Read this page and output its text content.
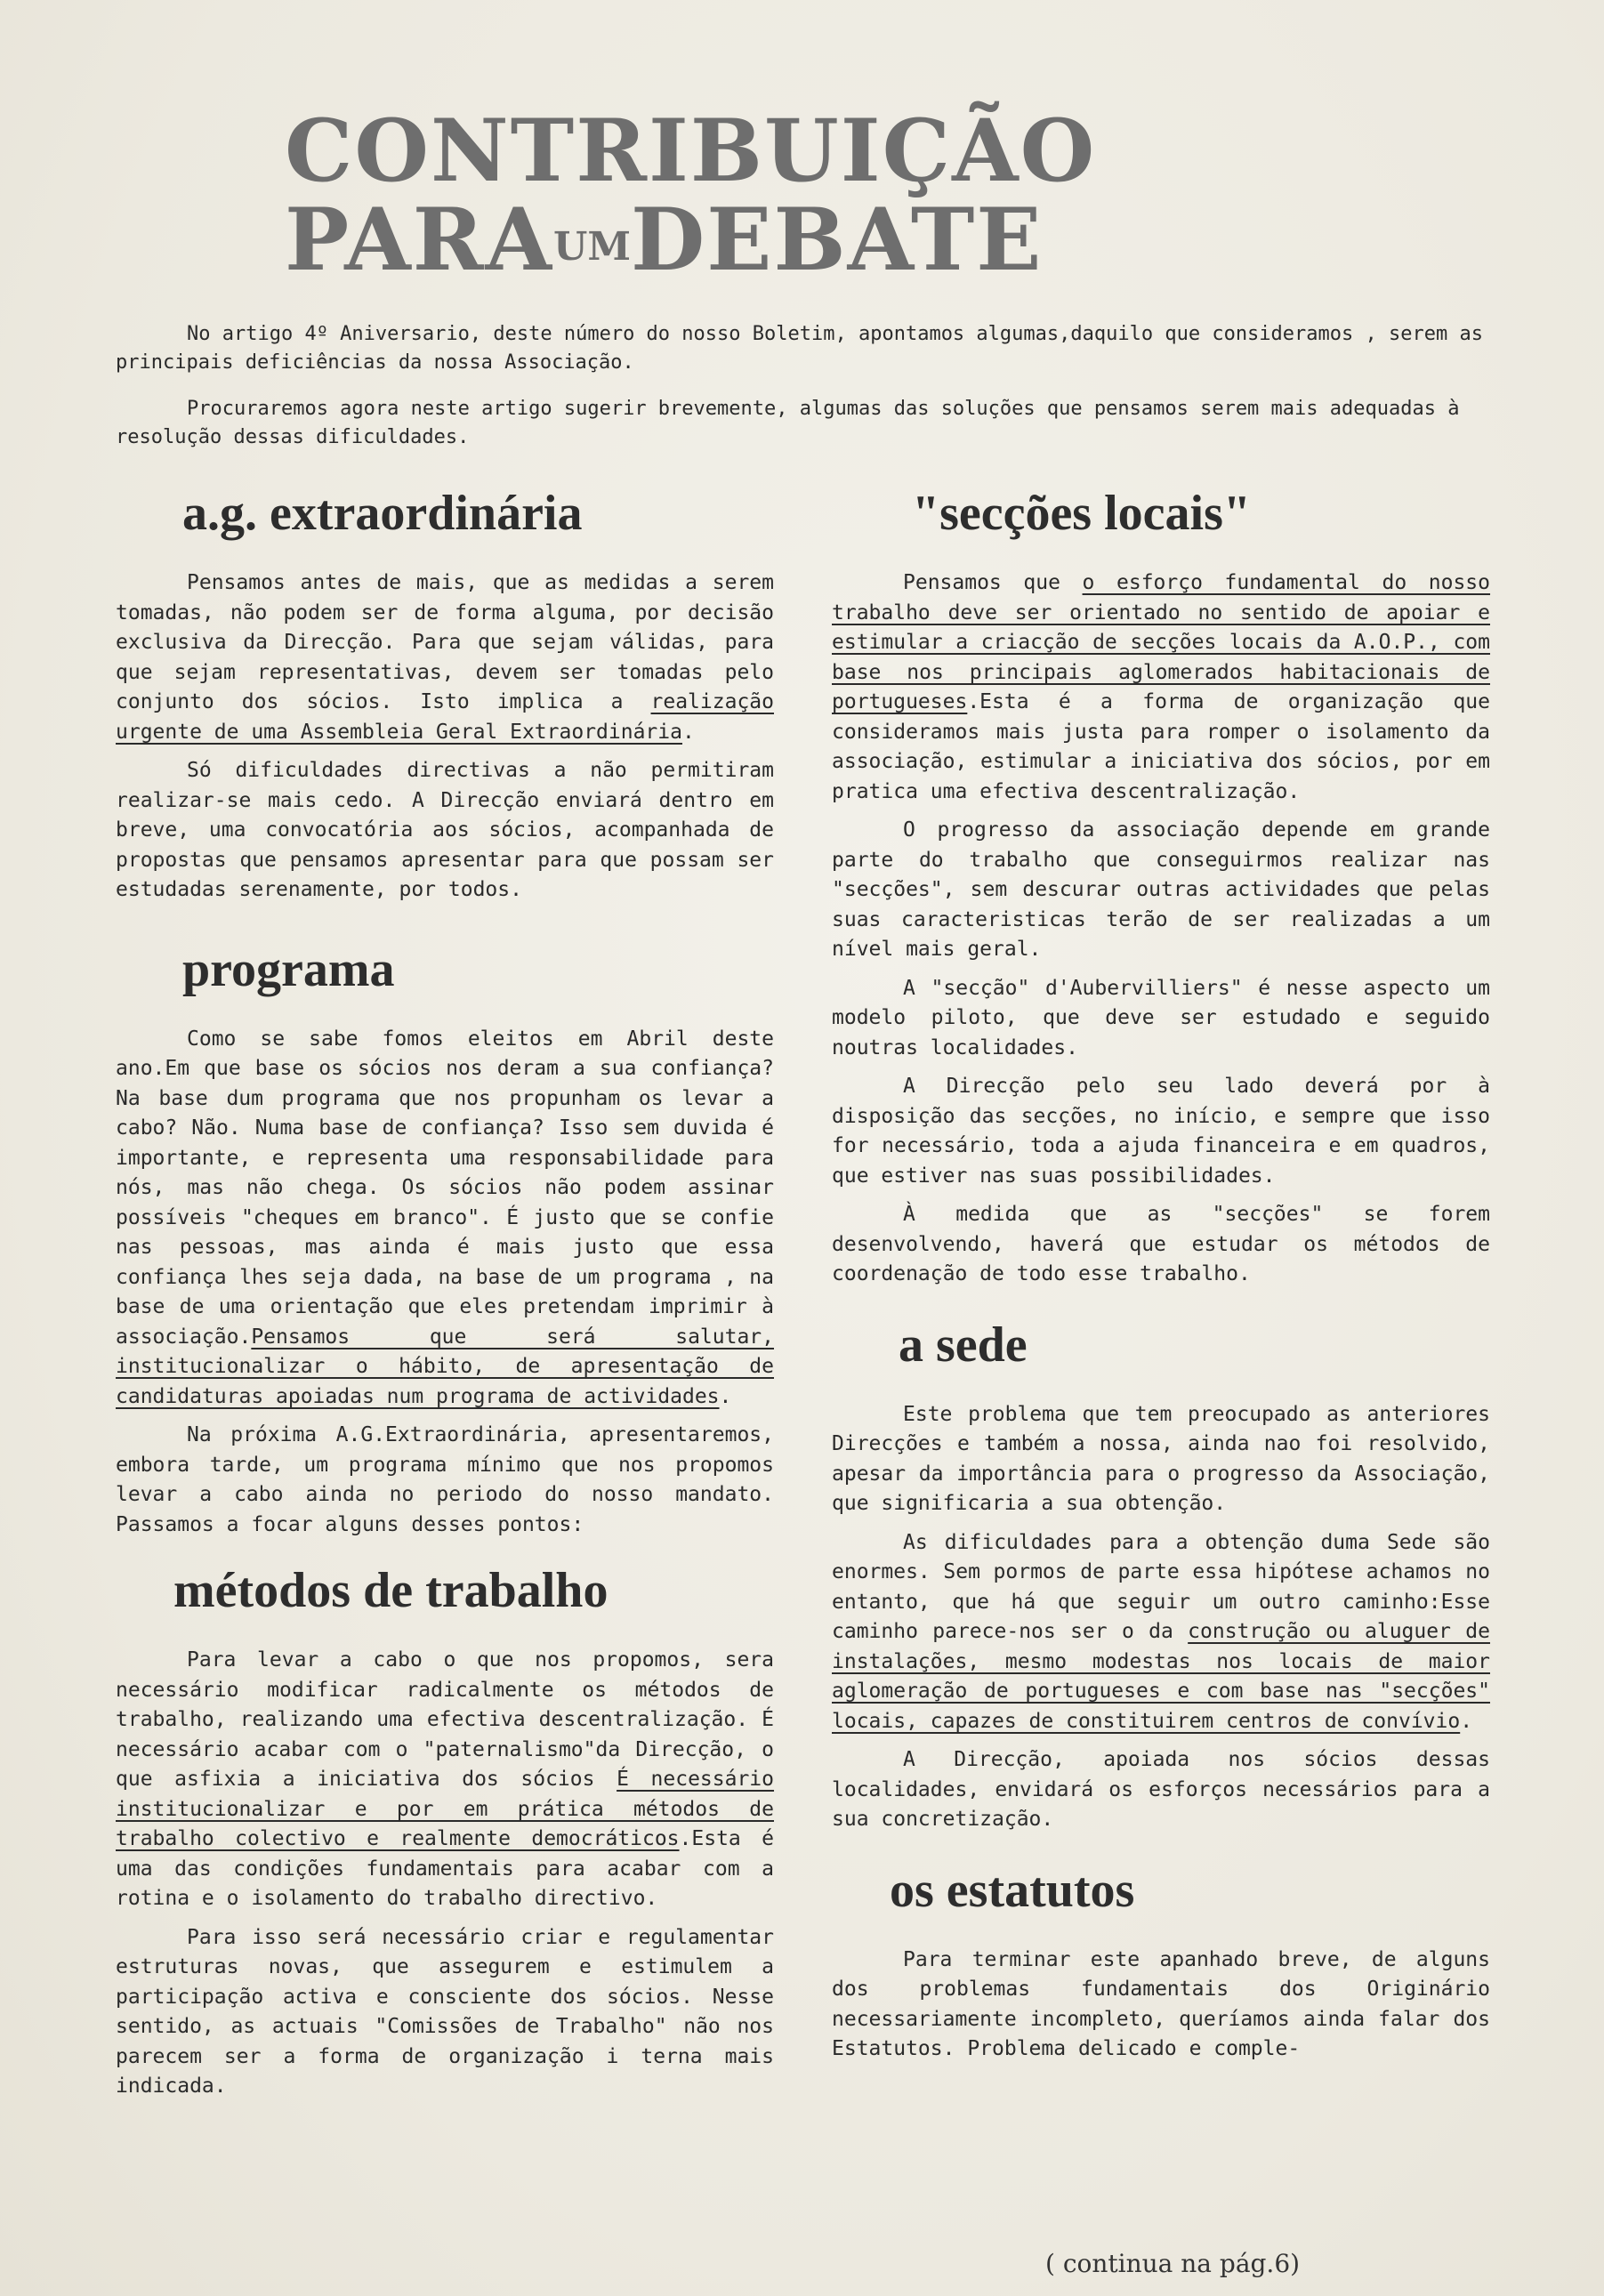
CONTRIBUIÇÃO
PARAUMDEBATE

No artigo 4º Aniversario, deste número do nosso Boletim, apontamos algumas,daquilo que consideramos , serem as principais deficiências da nossa Associação.

Procuraremos agora neste artigo sugerir brevemente, algumas das soluções que pensamos serem mais adequadas à resolução dessas dificuldades.

a.g. extraordinária

Pensamos antes de mais, que as medidas a serem tomadas, não podem ser de forma alguma, por decisão exclusiva da Direcção. Para que sejam válidas, para que sejam representativas, devem ser tomadas pelo conjunto dos sócios. Isto implica a realização urgente de uma Assembleia Geral Extraordinária.

Só dificuldades directivas a não permitiram realizar-se mais cedo. A Direcção enviará dentro em breve, uma convocatória aos sócios, acompanhada de propostas que pensamos apresentar para que possam ser estudadas serenamente, por todos.

programa

Como se sabe fomos eleitos em Abril deste ano.Em que base os sócios nos deram a sua confiança? Na base dum programa que nos propunham os levar a cabo? Não. Numa base de confiança? Isso sem duvida é importante, e representa uma responsabilidade para nós, mas não chega. Os sócios não podem assinar possíveis "cheques em branco". É justo que se confie nas pessoas, mas ainda é mais justo que essa confiança lhes seja dada, na base de um programa , na base de uma orientação que eles pretendam imprimir à associação.Pensamos que será salutar, institucionalizar o hábito, de apresentação de candidaturas apoiadas num programa de actividades.

Na próxima A.G.Extraordinária, apresentaremos, embora tarde, um programa mínimo que nos propomos levar a cabo ainda no periodo do nosso mandato. Passamos a focar alguns desses pontos:

métodos de trabalho

Para levar a cabo o que nos propomos, sera necessário modificar radicalmente os métodos de trabalho, realizando uma efectiva descentralização. É necessário acabar com o "paternalismo"da Direcção, o que asfixia a iniciativa dos sócios É necessário institucionalizar e por em prática métodos de trabalho colectivo e realmente democráticos.Esta é uma das condições fundamentais para acabar com a rotina e o isolamento do trabalho directivo.

Para isso será necessário criar e regulamentar estruturas novas, que assegurem e estimulem a participação activa e consciente dos sócios. Nesse sentido, as actuais "Comissões de Trabalho" não nos parecem ser a forma de organização i terna mais indicada.

"secções locais"

Pensamos que o esforço fundamental do nosso trabalho deve ser orientado no sentido de apoiar e estimular a criacção de secções locais da A.O.P., com base nos principais aglomerados habitacionais de portugueses.Esta é a forma de organização que consideramos mais justa para romper o isolamento da associação, estimular a iniciativa dos sócios, por em pratica uma efectiva descentralização.

O progresso da associação depende em grande parte do trabalho que conseguirmos realizar nas "secções", sem descurar outras actividades que pelas suas caracteristicas terão de ser realizadas a um nível mais geral.

A "secção" d'Aubervilliers" é nesse aspecto um modelo piloto, que deve ser estudado e seguido noutras localidades.

A Direcção pelo seu lado deverá por à disposição das secções, no início, e sempre que isso for necessário, toda a ajuda financeira e em quadros, que estiver nas suas possibilidades.

À medida que as "secções" se forem desenvolvendo, haverá que estudar os métodos de coordenação de todo esse trabalho.

a sede

Este problema que tem preocupado as anteriores Direcções e também a nossa, ainda nao foi resolvido, apesar da importância para o progresso da Associação, que significaria a sua obtenção.

As dificuldades para a obtenção duma Sede são enormes. Sem pormos de parte essa hipótese achamos no entanto, que há que seguir um outro caminho:Esse caminho parece-nos ser o da construção ou aluguer de instalações, mesmo modestas nos locais de maior aglomeração de portugueses e com base nas "secções" locais, capazes de constituirem centros de convívio.

A Direcção, apoiada nos sócios dessas localidades, envidará os esforços necessários para a sua concretização.

os estatutos

Para terminar este apanhado breve, de alguns dos problemas fundamentais dos Originário necessariamente incompleto, queríamos ainda falar dos Estatutos. Problema delicado e comple-

( continua na pág.6)
